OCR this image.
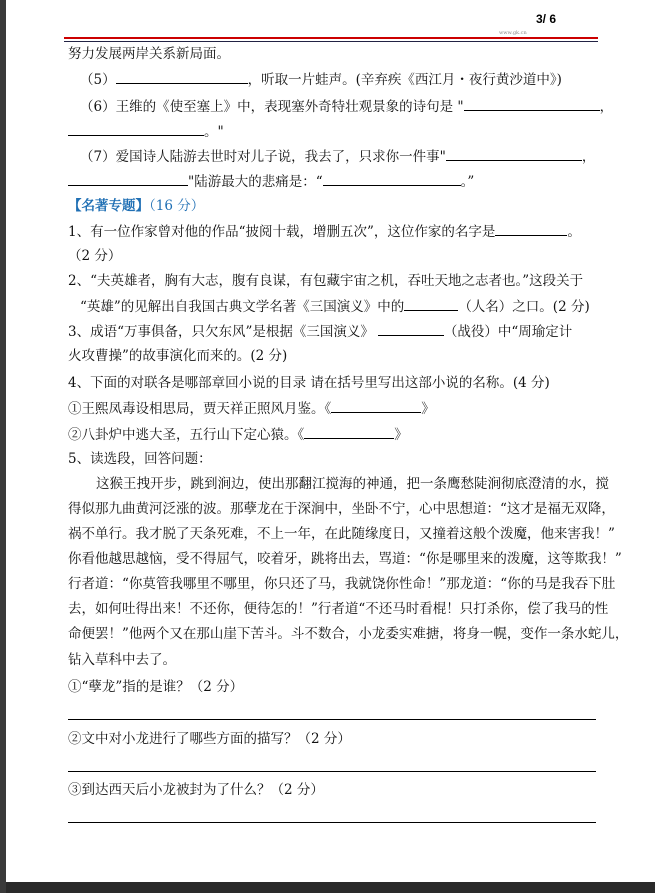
3/ 6
www.gk.cn
努力发展两岸关系新局面。
（5）	，听取一片蛙声。(辛弃疾《西江月・夜行黄沙道中》)
（6）王维的《使至塞上》中，表现塞外奇特壮观景象的诗句是 "	，
。"
（7）爱国诗人陆游去世时对儿子说，我去了，只求你一件事"	，
"陆游最大的悲痛是：“	。”
【名著专题】（16 分）
1、有一位作家曾对他的作品“披阅十载，增删五次”，这位作家的名字是	。
（2 分）
2、“夫英雄者，胸有大志，腹有良谋，有包藏宇宙之机，吞吐天地之志者也。”这段关于
“英雄”的见解出自我国古典文学名著《三国演义》中的	（人名）之口。(2 分)
3、成语“万事俱备，只欠东风”是根据《三国演义》	（战役）中“周瑜定计
火攻曹操”的故事演化而来的。(2 分)
4、下面的对联各是哪部章回小说的目录 请在括号里写出这部小说的名称。(4 分)
①王熙凤毒设相思局，贾天祥正照风月鉴。《	》
②八卦炉中逃大圣，五行山下定心猿。《	》
5、读选段，回答问题：
这猴王拽开步，跳到涧边，使出那翻江搅海的神通，把一条鹰愁陡涧彻底澄清的水，搅
得似那九曲黄河泛涨的波。那孽龙在于深涧中，坐卧不宁，心中思想道：“这才是福无双降，
祸不单行。我才脱了天条死难，不上一年，在此随缘度日，又撞着这般个泼魔，他来害我！”
你看他越思越恼，受不得屈气，咬着牙，跳将出去，骂道：“你是哪里来的泼魔，这等欺我！”
行者道：“你莫管我哪里不哪里，你只还了马，我就饶你性命！”那龙道：“你的马是我吞下肚
去，如何吐得出来！不还你，便待怎的！”行者道“不还马时看棍！只打杀你，偿了我马的性
命便罢！”他两个又在那山崖下苦斗。斗不数合，小龙委实难搪，将身一幌，变作一条水蛇儿，
钻入草科中去了。
①“孽龙”指的是谁？（2 分）
②文中对小龙进行了哪些方面的描写？（2 分）
③到达西天后小龙被封为了什么？（2 分）
